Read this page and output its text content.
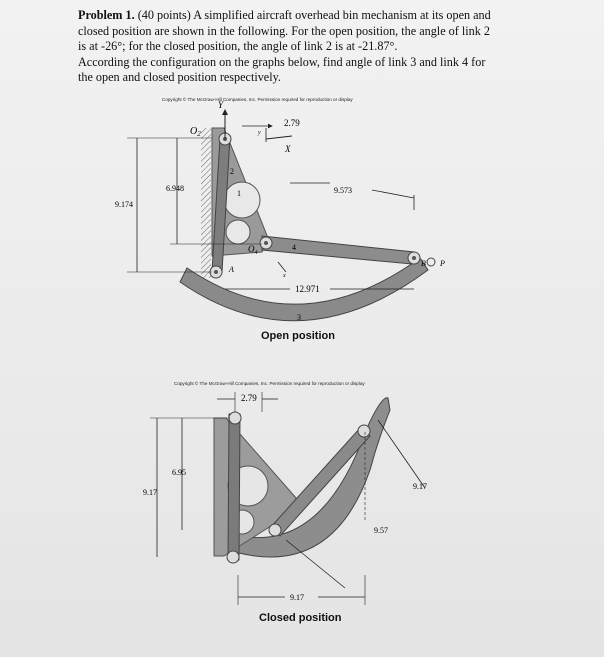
Problem 1. (40 points) A simplified aircraft overhead bin mechanism at its open and
closed position are shown in the following. For the open position, the angle of link 2
is at -26°; for the closed position, the angle of link 2 is at -21.87°.
According the configuration on the graphs below, find angle of link 3 and link 4 for
the open and closed position respectively.
Copyright © The McGraw-Hill Companies, Inc. Permission required for reproduction or display
Copyright © The McGraw-Hill Companies, Inc. Permission required for reproduction or display
Open position
Closed position
Y
$O_2$
2.79
y
X
2
6.948
1	9.573
9.174
$O_4$
4
A
x
B P
12.971
3
2.79
6.95
9.17
9.17
9.57
9.17
